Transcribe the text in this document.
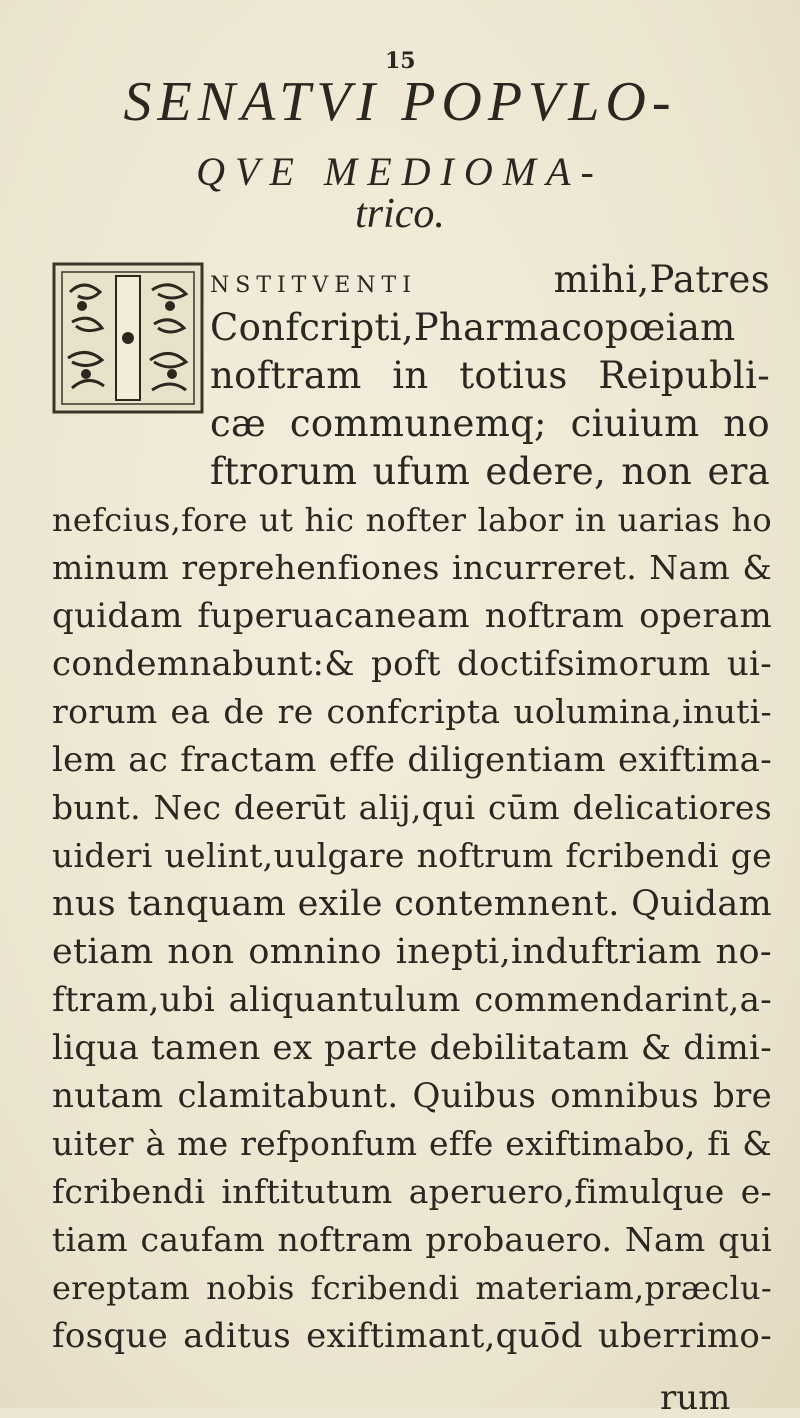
15
SENATVI POPVLO-
QVE MEDIOMA-
trico.
NSTITVENTI	mihi,Patres
Confcripti,Pharmacopœiam
noftram in totius Reipubli-
cæ communemq; ciuium no
ftrorum ufum edere, non era
nefcius,fore ut hic nofter labor in uarias ho
minum reprehenfiones incurreret. Nam &
quidam fuperuacaneam noftram operam
condemnabunt:& poft doctifsimorum ui-
rorum ea de re confcripta uolumina,inuti-
lem ac fractam effe diligentiam exiftima-
bunt. Nec deerūt alij,qui cūm delicatiores
uideri uelint,uulgare noftrum fcribendi ge
nus tanquam exile contemnent. Quidam
etiam non omnino inepti,induftriam no-
ftram,ubi aliquantulum commendarint,a-
liqua tamen ex parte debilitatam & dimi-
nutam clamitabunt. Quibus omnibus bre
uiter à me refponfum effe exiftimabo, fi &
fcribendi inftitutum aperuero,fimulque e-
tiam caufam noftram probauero. Nam qui
ereptam nobis fcribendi materiam,præclu-
fosque aditus exiftimant,quōd uberrimo-
rum
